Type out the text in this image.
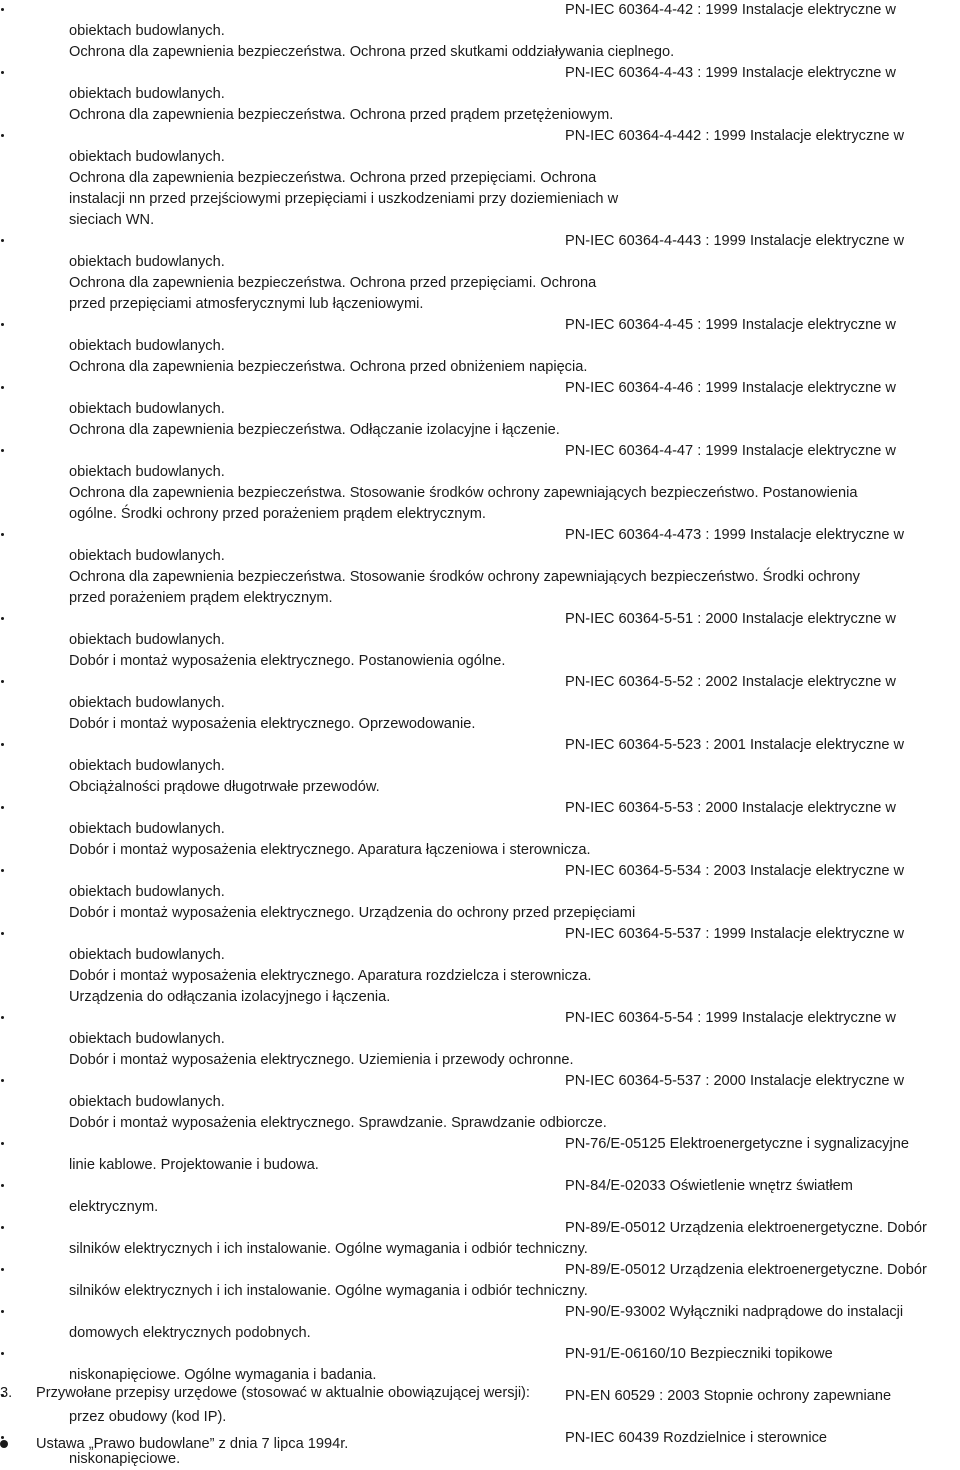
PN-IEC 60364-4-42 : 1999 Instalacje elektryczne w
obiektach budowlanych.
Ochrona dla zapewnienia bezpieczeństwa. Ochrona przed skutkami oddziaływania cieplnego.
PN-IEC 60364-4-43 : 1999 Instalacje elektryczne w
obiektach budowlanych.
Ochrona dla zapewnienia bezpieczeństwa. Ochrona przed prądem przetężeniowym.
PN-IEC 60364-4-442 : 1999 Instalacje elektryczne w
obiektach budowlanych.
Ochrona dla zapewnienia bezpieczeństwa. Ochrona przed przepięciami. Ochrona
instalacji nn przed przejściowymi przepięciami i uszkodzeniami przy doziemieniach w
sieciach WN.
PN-IEC 60364-4-443 : 1999 Instalacje elektryczne w
obiektach budowlanych.
Ochrona dla zapewnienia bezpieczeństwa. Ochrona przed przepięciami. Ochrona
przed przepięciami atmosferycznymi lub łączeniowymi.
PN-IEC 60364-4-45 : 1999 Instalacje elektryczne w
obiektach budowlanych.
Ochrona dla zapewnienia bezpieczeństwa. Ochrona przed obniżeniem napięcia.
PN-IEC 60364-4-46 : 1999 Instalacje elektryczne w
obiektach budowlanych.
Ochrona dla zapewnienia bezpieczeństwa. Odłączanie izolacyjne i łączenie.
PN-IEC 60364-4-47 : 1999 Instalacje elektryczne w
obiektach budowlanych.
Ochrona dla zapewnienia bezpieczeństwa. Stosowanie środków ochrony zapewniających bezpieczeństwo. Postanowienia
ogólne. Środki ochrony przed porażeniem prądem elektrycznym.
PN-IEC 60364-4-473 : 1999 Instalacje elektryczne w
obiektach budowlanych.
Ochrona dla zapewnienia bezpieczeństwa. Stosowanie środków ochrony zapewniających bezpieczeństwo. Środki ochrony
przed porażeniem prądem elektrycznym.
PN-IEC 60364-5-51 : 2000 Instalacje elektryczne w
obiektach budowlanych.
Dobór i montaż wyposażenia elektrycznego. Postanowienia ogólne.
PN-IEC 60364-5-52 : 2002 Instalacje elektryczne w
obiektach budowlanych.
Dobór i montaż wyposażenia elektrycznego. Oprzewodowanie.
PN-IEC 60364-5-523 : 2001 Instalacje elektryczne w
obiektach budowlanych.
Obciążalności prądowe długotrwałe przewodów.
PN-IEC 60364-5-53 : 2000 Instalacje elektryczne w
obiektach budowlanych.
Dobór i montaż wyposażenia elektrycznego. Aparatura łączeniowa i sterownicza.
PN-IEC 60364-5-534 : 2003 Instalacje elektryczne w
obiektach budowlanych.
Dobór i montaż wyposażenia elektrycznego. Urządzenia do ochrony przed przepięciami
PN-IEC 60364-5-537 : 1999 Instalacje elektryczne w
obiektach budowlanych.
Dobór i montaż wyposażenia elektrycznego. Aparatura rozdzielcza i sterownicza.
Urządzenia do odłączania izolacyjnego i łączenia.
PN-IEC 60364-5-54 : 1999 Instalacje elektryczne w
obiektach budowlanych.
Dobór i montaż wyposażenia elektrycznego. Uziemienia i przewody ochronne.
PN-IEC 60364-5-537 : 2000 Instalacje elektryczne w
obiektach budowlanych.
Dobór i montaż wyposażenia elektrycznego. Sprawdzanie. Sprawdzanie odbiorcze.
PN-76/E-05125 Elektroenergetyczne i sygnalizacyjne
linie kablowe. Projektowanie i budowa.
PN-84/E-02033 Oświetlenie wnętrz światłem
elektrycznym.
PN-89/E-05012 Urządzenia elektroenergetyczne. Dobór
silników elektrycznych i ich instalowanie. Ogólne wymagania i odbiór techniczny.
PN-89/E-05012 Urządzenia elektroenergetyczne. Dobór
silników elektrycznych i ich instalowanie. Ogólne wymagania i odbiór techniczny.
PN-90/E-93002 Wyłączniki nadprądowe do instalacji
domowych elektrycznych podobnych.
PN-91/E-06160/10 Bezpieczniki topikowe
niskonapięciowe. Ogólne wymagania i badania.
PN-EN 60529 : 2003 Stopnie ochrony zapewniane
przez obudowy (kod IP).
PN-IEC 60439 Rozdzielnice i sterownice
niskonapięciowe.
3. Przywołane przepisy urzędowe (stosować w aktualnie obowiązującej wersji):
Ustawa „Prawo budowlane” z dnia 7 lipca 1994r.
